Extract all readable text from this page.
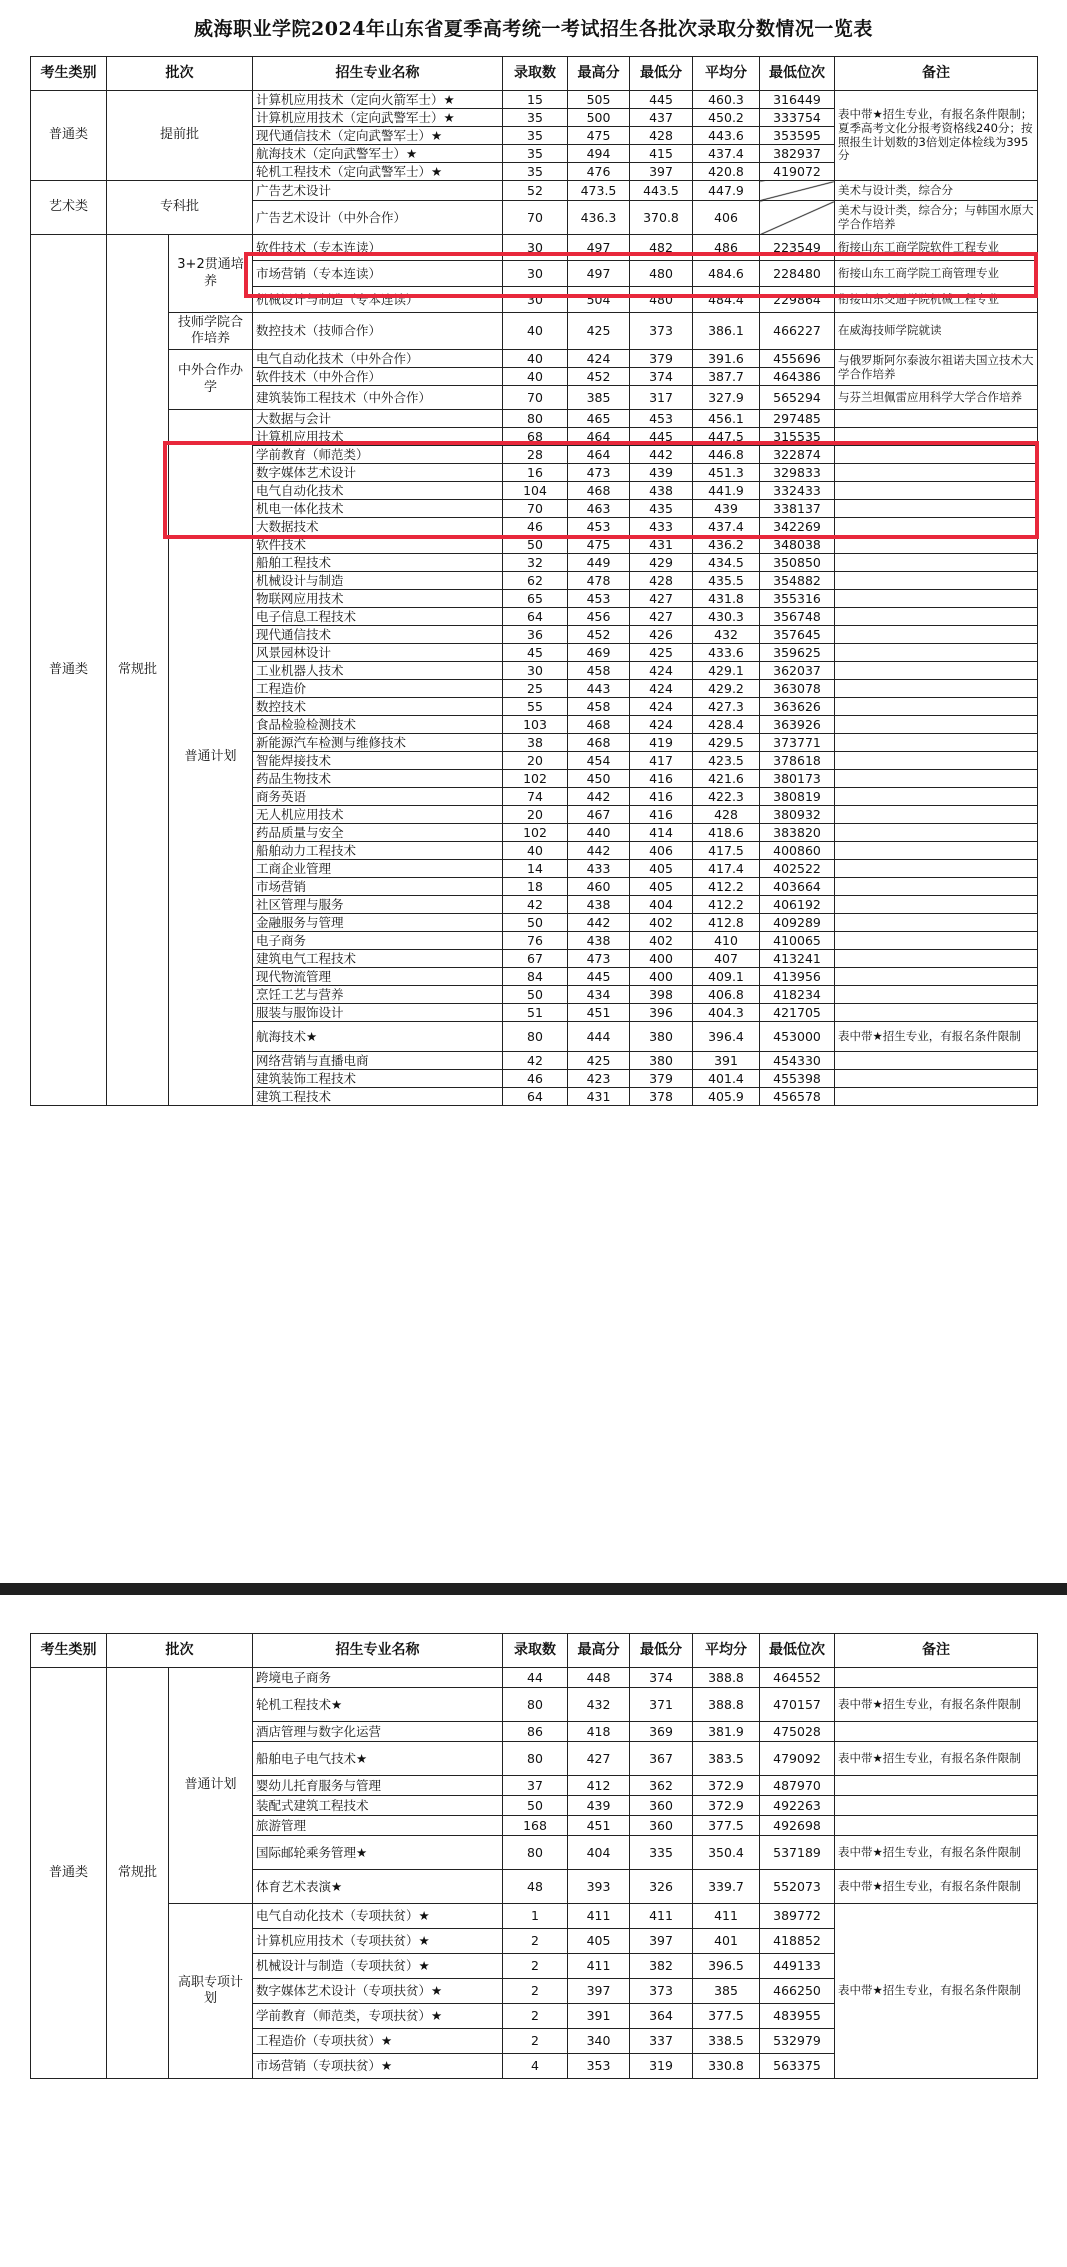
威海职业学院2024年山东省夏季高考统一考试招生各批次录取分数情况一览表
考生类别	批次		招生专业名称	录取数	最高分	最低分	平均分	最低位次	备注
普通类	提前批		计算机应用技术（定向火箭军士）★	15	505	445	460.3	316449	表中带★招生专业，有报名条件限制；夏季高考文化分报考资格线240分；按照报生计划数的3倍划定体检线为395分
			计算机应用技术（定向武警军士）★	35	500	437	450.2	333754	
			现代通信技术（定向武警军士）★	35	475	428	443.6	353595	
			航海技术（定向武警军士）★	35	494	415	437.4	382937	
			轮机工程技术（定向武警军士）★	35	476	397	420.8	419072	
艺术类	专科批		广告艺术设计	52	473.5	443.5	447.9		美术与设计类，综合分
			广告艺术设计（中外合作）	70	436.3	370.8	406		美术与设计类，综合分；与韩国水原大学合作培养
普通类	常规批	3+2贯通培养	软件技术（专本连读）	30	497	482	486	223549	衔接山东工商学院软件工程专业
			市场营销（专本连读）	30	497	480	484.6	228480	衔接山东工商学院工商管理专业
			机械设计与制造（专本连读）	30	504	480	484.4	229864	衔接山东交通学院机械工程专业
		技师学院合作培养	数控技术（技师合作）	40	425	373	386.1	466227	在威海技师学院就读
		中外合作办学	电气自动化技术（中外合作）	40	424	379	391.6	455696	与俄罗斯阿尔泰波尔祖诺夫国立技术大学合作培养
			软件技术（中外合作）	40	452	374	387.7	464386	
			建筑装饰工程技术（中外合作）	70	385	317	327.9	565294	与芬兰坦佩雷应用科学大学合作培养
		普通计划	大数据与会计	80	465	453	456.1	297485	
			计算机应用技术	68	464	445	447.5	315535	
			学前教育（师范类）	28	464	442	446.8	322874	
			数字媒体艺术设计	16	473	439	451.3	329833	
			电气自动化技术	104	468	438	441.9	332433	
			机电一体化技术	70	463	435	439	338137	
			大数据技术	46	453	433	437.4	342269	
			软件技术	50	475	431	436.2	348038	
			船舶工程技术	32	449	429	434.5	350850	
			机械设计与制造	62	478	428	435.5	354882	
			物联网应用技术	65	453	427	431.8	355316	
			电子信息工程技术	64	456	427	430.3	356748	
			现代通信技术	36	452	426	432	357645	
			风景园林设计	45	469	425	433.6	359625	
			工业机器人技术	30	458	424	429.1	362037	
			工程造价	25	443	424	429.2	363078	
			数控技术	55	458	424	427.3	363626	
			食品检验检测技术	103	468	424	428.4	363926	
			新能源汽车检测与维修技术	38	468	419	429.5	373771	
			智能焊接技术	20	454	417	423.5	378618	
			药品生物技术	102	450	416	421.6	380173	
			商务英语	74	442	416	422.3	380819	
			无人机应用技术	20	467	416	428	380932	
			药品质量与安全	102	440	414	418.6	383820	
			船舶动力工程技术	40	442	406	417.5	400860	
			工商企业管理	14	433	405	417.4	402522	
			市场营销	18	460	405	412.2	403664	
			社区管理与服务	42	438	404	412.2	406192	
			金融服务与管理	50	442	402	412.8	409289	
			电子商务	76	438	402	410	410065	
			建筑电气工程技术	67	473	400	407	413241	
			现代物流管理	84	445	400	409.1	413956	
			烹饪工艺与营养	50	434	398	406.8	418234	
			服装与服饰设计	51	451	396	404.3	421705	
			航海技术★	80	444	380	396.4	453000	表中带★招生专业，有报名条件限制
			网络营销与直播电商	42	425	380	391	454330	
			建筑装饰工程技术	46	423	379	401.4	455398	
			建筑工程技术	64	431	378	405.9	456578	
考生类别	批次		招生专业名称	录取数	最高分	最低分	平均分	最低位次	备注
普通类	常规批	普通计划	跨境电子商务	44	448	374	388.8	464552	
			轮机工程技术★	80	432	371	388.8	470157	表中带★招生专业，有报名条件限制
			酒店管理与数字化运营	86	418	369	381.9	475028	
			船舶电子电气技术★	80	427	367	383.5	479092	表中带★招生专业，有报名条件限制
			婴幼儿托育服务与管理	37	412	362	372.9	487970	
			装配式建筑工程技术	50	439	360	372.9	492263	
			旅游管理	168	451	360	377.5	492698	
			国际邮轮乘务管理★	80	404	335	350.4	537189	表中带★招生专业，有报名条件限制
			体育艺术表演★	48	393	326	339.7	552073	表中带★招生专业，有报名条件限制
		高职专项计划	电气自动化技术（专项扶贫）★	1	411	411	411	389772	表中带★招生专业，有报名条件限制
			计算机应用技术（专项扶贫）★	2	405	397	401	418852	
			机械设计与制造（专项扶贫）★	2	411	382	396.5	449133	
			数字媒体艺术设计（专项扶贫）★	2	397	373	385	466250	
			学前教育（师范类，专项扶贫）★	2	391	364	377.5	483955	
			工程造价（专项扶贫）★	2	340	337	338.5	532979	
			市场营销（专项扶贫）★	4	353	319	330.8	563375	
